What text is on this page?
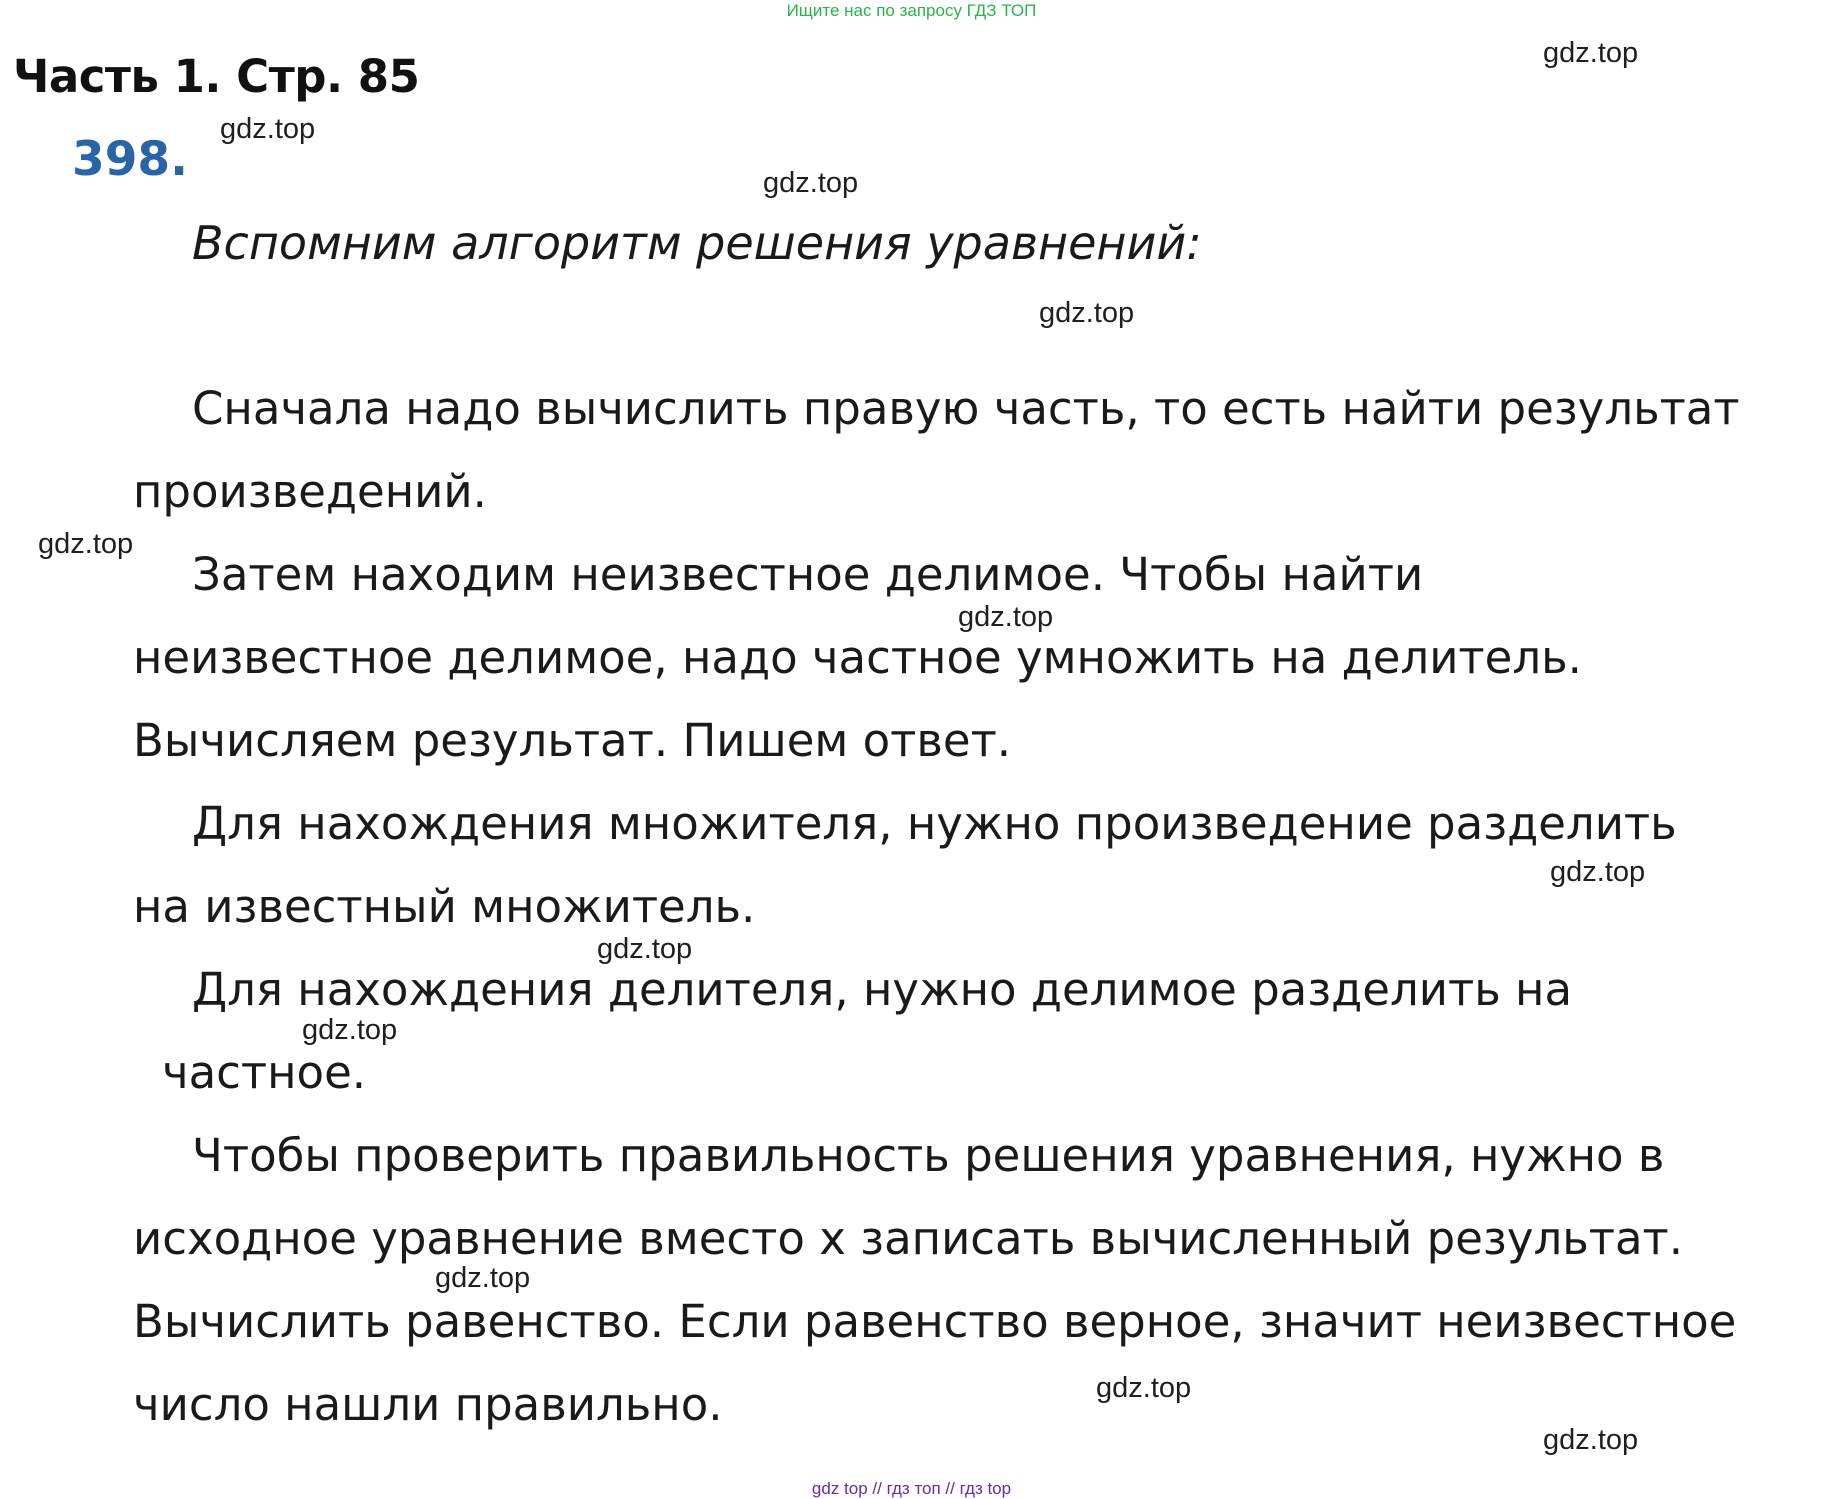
Ищите нас по запросу ГДЗ ТОП
Часть 1. Стр. 85
398.
Вспомним алгоритм решения уравнений:
Сначала надо вычислить правую часть, то есть найти результат
произведений.
Затем находим неизвестное делимое. Чтобы найти
неизвестное делимое, надо частное умножить на делитель.
Вычисляем результат. Пишем ответ.
Для нахождения множителя, нужно произведение разделить
на известный множитель.
Для нахождения делителя, нужно делимое разделить на
частное.
Чтобы проверить правильность решения уравнения, нужно в
исходное уравнение вместо x записать вычисленный результат.
Вычислить равенство. Если равенство верное, значит неизвестное
число нашли правильно.
gdz.top
gdz.top
gdz.top
gdz.top
gdz.top
gdz.top
gdz.top
gdz.top
gdz.top
gdz.top
gdz.top
gdz.top
gdz top // гдз топ // гдз top
